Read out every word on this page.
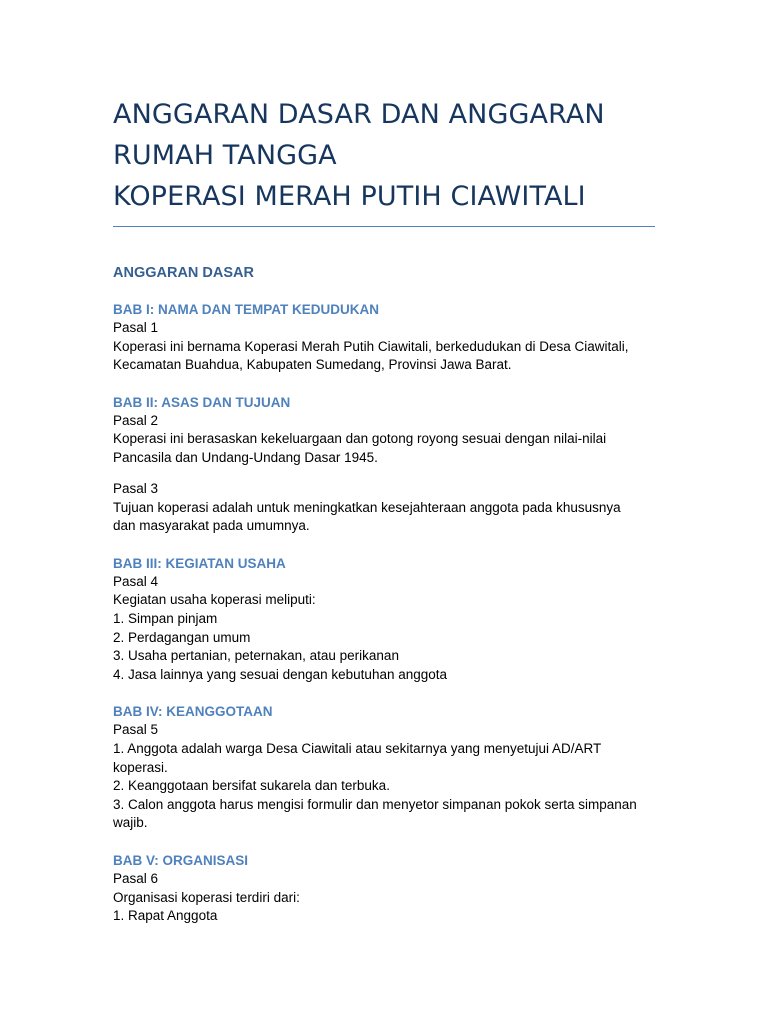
ANGGARAN DASAR DAN ANGGARAN
RUMAH TANGGA
KOPERASI MERAH PUTIH CIAWITALI
ANGGARAN DASAR
BAB I: NAMA DAN TEMPAT KEDUDUKAN
Pasal 1
Koperasi ini bernama Koperasi Merah Putih Ciawitali, berkedudukan di Desa Ciawitali,
Kecamatan Buahdua, Kabupaten Sumedang, Provinsi Jawa Barat.
BAB II: ASAS DAN TUJUAN
Pasal 2
Koperasi ini berasaskan kekeluargaan dan gotong royong sesuai dengan nilai-nilai
Pancasila dan Undang-Undang Dasar 1945.
Pasal 3
Tujuan koperasi adalah untuk meningkatkan kesejahteraan anggota pada khususnya
dan masyarakat pada umumnya.
BAB III: KEGIATAN USAHA
Pasal 4
Kegiatan usaha koperasi meliputi:
1. Simpan pinjam
2. Perdagangan umum
3. Usaha pertanian, peternakan, atau perikanan
4. Jasa lainnya yang sesuai dengan kebutuhan anggota
BAB IV: KEANGGOTAAN
Pasal 5
1. Anggota adalah warga Desa Ciawitali atau sekitarnya yang menyetujui AD/ART
koperasi.
2. Keanggotaan bersifat sukarela dan terbuka.
3. Calon anggota harus mengisi formulir dan menyetor simpanan pokok serta simpanan
wajib.
BAB V: ORGANISASI
Pasal 6
Organisasi koperasi terdiri dari:
1. Rapat Anggota
